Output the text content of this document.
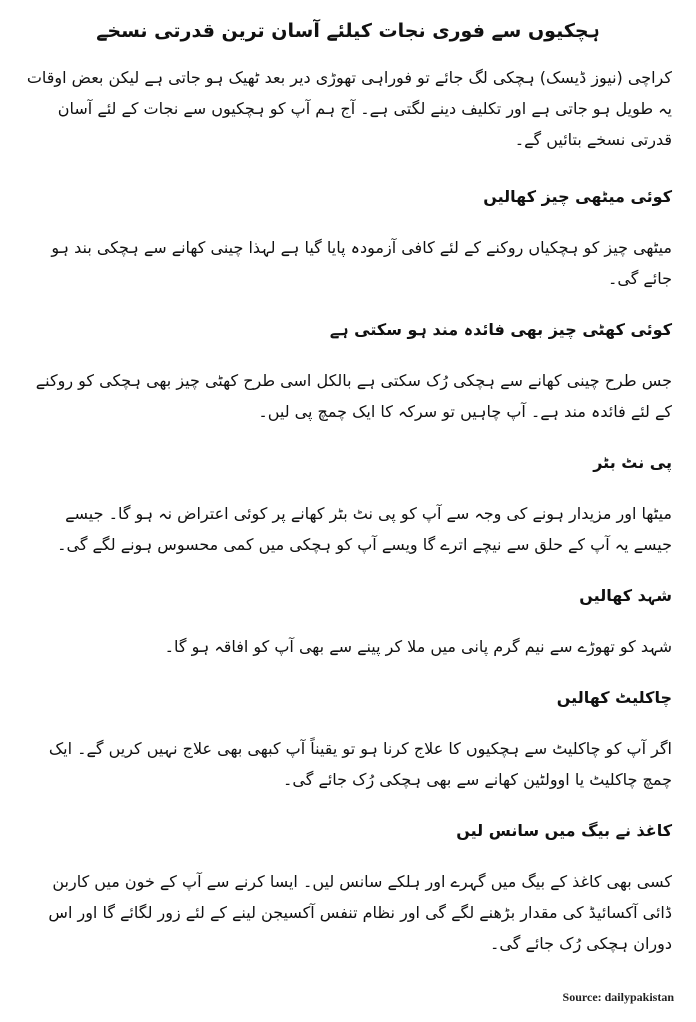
ہچکیوں سے فوری نجات کیلئے آسان ترین قدرتی نسخے

کراچی (نیوز ڈیسک) ہچکی لگ جائے تو فوراہی تھوڑی دیر بعد ٹھیک ہو جاتی ہے لیکن بعض اوقات یہ طویل ہو جاتی ہے اور تکلیف دینے لگتی ہے۔ آج ہم آپ کو ہچکیوں سے نجات کے لئے آسان قدرتی نسخے بتائیں گے۔

کوئی میٹھی چیز کھالیں

میٹھی چیز کو ہچکیاں روکنے کے لئے کافی آزمودہ پایا گیا ہے لہذا چینی کھانے سے ہچکی بند ہو جائے گی۔

کوئی کھٹی چیز بھی فائدہ مند ہو سکتی ہے

جس طرح چینی کھانے سے ہچکی رُک سکتی ہے بالکل اسی طرح کھٹی چیز بھی ہچکی کو روکنے کے لئے فائدہ مند ہے۔ آپ چاہیں تو سرکہ کا ایک چمچ پی لیں۔

پی نٹ بٹر

میٹھا اور مزیدار ہونے کی وجہ سے آپ کو پی نٹ بٹر کھانے پر کوئی اعتراض نہ ہو گا۔ جیسے جیسے یہ آپ کے حلق سے نیچے اترے گا ویسے آپ کو ہچکی میں کمی محسوس ہونے لگے گی۔

شہد کھالیں

شہد کو تھوڑے سے نیم گرم پانی میں ملا کر پینے سے بھی آپ کو افاقہ ہو گا۔

چاکلیٹ کھالیں

اگر آپ کو چاکلیٹ سے ہچکیوں کا علاج کرنا ہو تو یقیناً آپ کبھی بھی علاج نہیں کریں گے۔ ایک چمچ چاکلیٹ یا اوولٹین کھانے سے بھی ہچکی رُک جائے گی۔

کاغذ نے بیگ میں سانس لیں

کسی بھی کاغذ کے بیگ میں گہرے اور ہلکے سانس لیں۔ ایسا کرنے سے آپ کے خون میں کاربن ڈائی آکسائیڈ کی مقدار بڑھنے لگے گی اور نظام تنفس آکسیجن لینے کے لئے زور لگائے گا اور اس دوران ہچکی رُک جائے گی۔

Source: dailypakistan
